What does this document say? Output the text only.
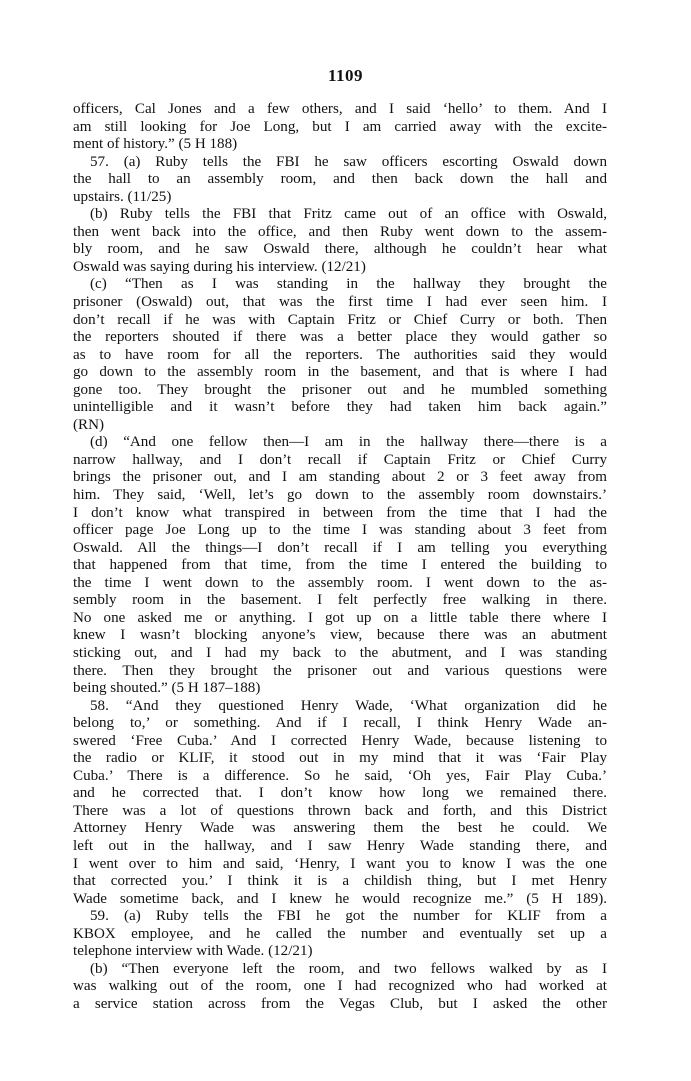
1109
officers, Cal Jones and a few others, and I said ‘hello’ to them. And I
am still looking for Joe Long, but I am carried away with the excite-
ment of history.” (5 H 188)
57. (a) Ruby tells the FBI he saw officers escorting Oswald down
the hall to an assembly room, and then back down the hall and
upstairs. (11/25)
(b) Ruby tells the FBI that Fritz came out of an office with Oswald,
then went back into the office, and then Ruby went down to the assem-
bly room, and he saw Oswald there, although he couldn’t hear what
Oswald was saying during his interview. (12/21)
(c) “Then as I was standing in the hallway they brought the
prisoner (Oswald) out, that was the first time I had ever seen him. I
don’t recall if he was with Captain Fritz or Chief Curry or both. Then
the reporters shouted if there was a better place they would gather so
as to have room for all the reporters. The authorities said they would
go down to the assembly room in the basement, and that is where I had
gone too. They brought the prisoner out and he mumbled something
unintelligible and it wasn’t before they had taken him back again.”
(RN)
(d) “And one fellow then—I am in the hallway there—there is a
narrow hallway, and I don’t recall if Captain Fritz or Chief Curry
brings the prisoner out, and I am standing about 2 or 3 feet away from
him. They said, ‘Well, let’s go down to the assembly room downstairs.’
I don’t know what transpired in between from the time that I had the
officer page Joe Long up to the time I was standing about 3 feet from
Oswald. All the things—I don’t recall if I am telling you everything
that happened from that time, from the time I entered the building to
the time I went down to the assembly room. I went down to the as-
sembly room in the basement. I felt perfectly free walking in there.
No one asked me or anything. I got up on a little table there where I
knew I wasn’t blocking anyone’s view, because there was an abutment
sticking out, and I had my back to the abutment, and I was standing
there. Then they brought the prisoner out and various questions were
being shouted.” (5 H 187–188)
58. “And they questioned Henry Wade, ‘What organization did he
belong to,’ or something. And if I recall, I think Henry Wade an-
swered ‘Free Cuba.’ And I corrected Henry Wade, because listening to
the radio or KLIF, it stood out in my mind that it was ‘Fair Play
Cuba.’ There is a difference. So he said, ‘Oh yes, Fair Play Cuba.’
and he corrected that. I don’t know how long we remained there.
There was a lot of questions thrown back and forth, and this District
Attorney Henry Wade was answering them the best he could. We
left out in the hallway, and I saw Henry Wade standing there, and
I went over to him and said, ‘Henry, I want you to know I was the one
that corrected you.’ I think it is a childish thing, but I met Henry
Wade sometime back, and I knew he would recognize me.” (5 H 189).
59. (a) Ruby tells the FBI he got the number for KLIF from a
KBOX employee, and he called the number and eventually set up a
telephone interview with Wade. (12/21)
(b) “Then everyone left the room, and two fellows walked by as I
was walking out of the room, one I had recognized who had worked at
a service station across from the Vegas Club, but I asked the other
